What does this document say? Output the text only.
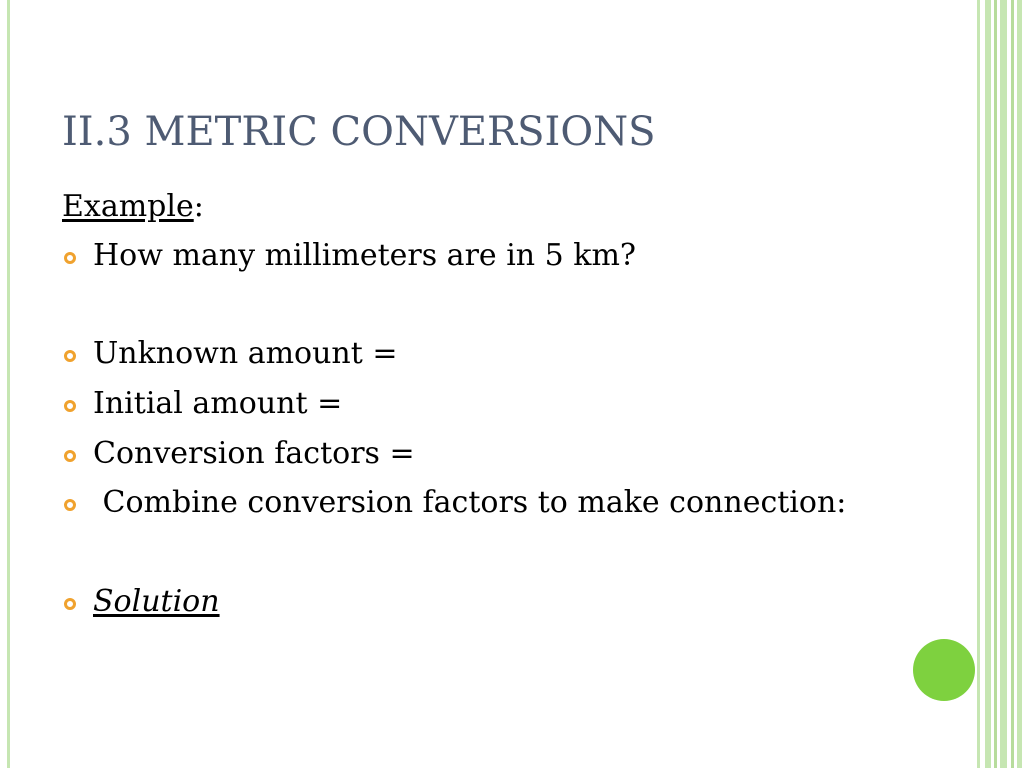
II.3 METRIC CONVERSIONS
Example:
How many millimeters are in 5 km?
Unknown amount =
Initial amount =
Conversion factors =
Combine conversion factors to make connection:
Solution
